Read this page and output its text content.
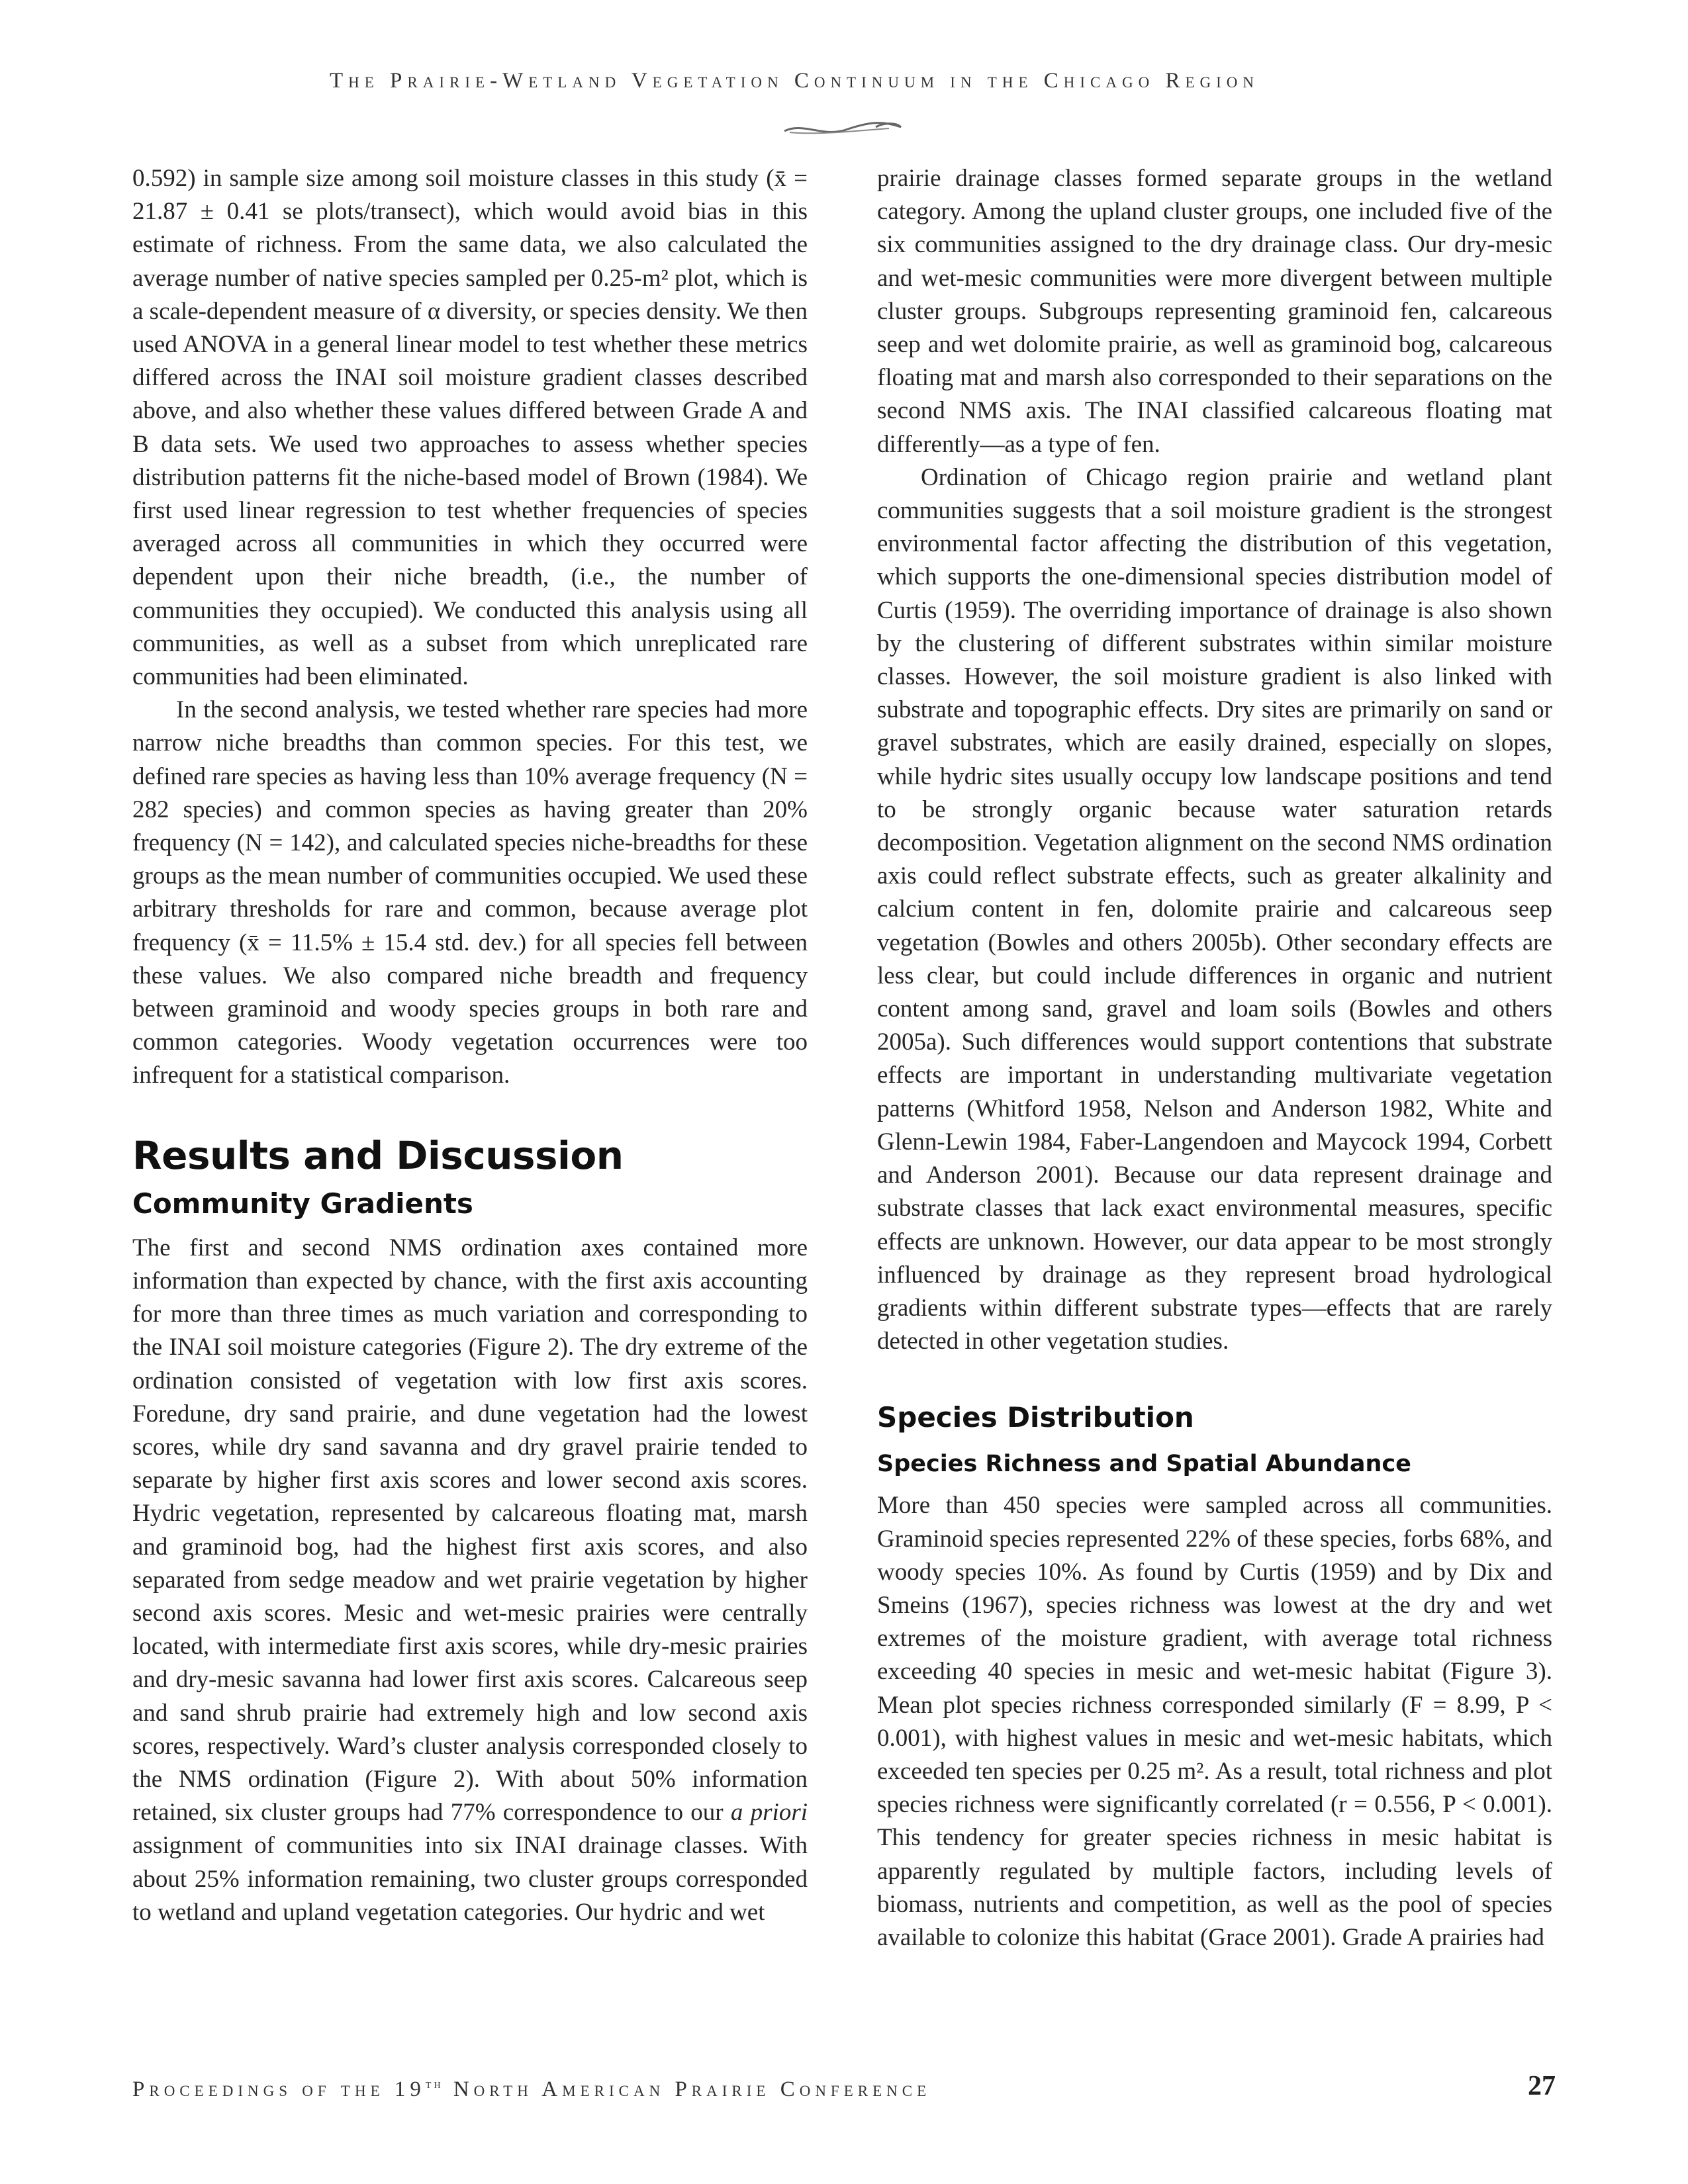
The Prairie-Wetland Vegetation Continuum in the Chicago Region

0.592) in sample size among soil moisture classes in this study (x̄ = 21.87 ± 0.41 se plots/transect), which would avoid bias in this estimate of richness. From the same data, we also calculated the average number of native species sampled per 0.25-m² plot, which is a scale-dependent measure of α diversity, or species density. We then used ANOVA in a general linear model to test whether these metrics differed across the INAI soil moisture gradient classes described above, and also whether these values differed between Grade A and B data sets. We used two approaches to assess whether species distribution patterns fit the niche-based model of Brown (1984). We first used linear regression to test whether frequencies of species averaged across all communities in which they occurred were dependent upon their niche breadth, (i.e., the number of communities they occupied). We conducted this analysis using all communities, as well as a subset from which unreplicated rare communities had been eliminated.

In the second analysis, we tested whether rare species had more narrow niche breadths than common species. For this test, we defined rare species as having less than 10% average frequency (N = 282 species) and common species as having greater than 20% frequency (N = 142), and calculated species niche-breadths for these groups as the mean number of communities occupied. We used these arbitrary thresholds for rare and common, because average plot frequency (x̄ = 11.5% ± 15.4 std. dev.) for all species fell between these values. We also compared niche breadth and frequency between graminoid and woody species groups in both rare and common categories. Woody vegetation occurrences were too infrequent for a statistical comparison.

Results and Discussion
Community Gradients

The first and second NMS ordination axes contained more information than expected by chance, with the first axis accounting for more than three times as much variation and corresponding to the INAI soil moisture categories (Figure 2). The dry extreme of the ordination consisted of vegetation with low first axis scores. Foredune, dry sand prairie, and dune vegetation had the lowest scores, while dry sand savanna and dry gravel prairie tended to separate by higher first axis scores and lower second axis scores. Hydric vegetation, represented by calcareous floating mat, marsh and graminoid bog, had the highest first axis scores, and also separated from sedge meadow and wet prairie vegetation by higher second axis scores. Mesic and wet-mesic prairies were centrally located, with intermediate first axis scores, while dry-mesic prairies and dry-mesic savanna had lower first axis scores. Calcareous seep and sand shrub prairie had extremely high and low second axis scores, respectively. Ward’s cluster analysis corresponded closely to the NMS ordination (Figure 2). With about 50% information retained, six cluster groups had 77% correspondence to our a priori assignment of communities into six INAI drainage classes. With about 25% information remaining, two cluster groups corresponded to wetland and upland vegetation categories. Our hydric and wet

prairie drainage classes formed separate groups in the wetland category. Among the upland cluster groups, one included five of the six communities assigned to the dry drainage class. Our dry-mesic and wet-mesic communities were more divergent between multiple cluster groups. Subgroups representing graminoid fen, calcareous seep and wet dolomite prairie, as well as graminoid bog, calcareous floating mat and marsh also corresponded to their separations on the second NMS axis. The INAI classified calcareous floating mat differently—as a type of fen.

Ordination of Chicago region prairie and wetland plant communities suggests that a soil moisture gradient is the strongest environmental factor affecting the distribution of this vegetation, which supports the one-dimensional species distribution model of Curtis (1959). The overriding importance of drainage is also shown by the clustering of different substrates within similar moisture classes. However, the soil moisture gradient is also linked with substrate and topographic effects. Dry sites are primarily on sand or gravel substrates, which are easily drained, especially on slopes, while hydric sites usually occupy low landscape positions and tend to be strongly organic because water saturation retards decomposition. Vegetation alignment on the second NMS ordination axis could reflect substrate effects, such as greater alkalinity and calcium content in fen, dolomite prairie and calcareous seep vegetation (Bowles and others 2005b). Other secondary effects are less clear, but could include differences in organic and nutrient content among sand, gravel and loam soils (Bowles and others 2005a). Such differences would support contentions that substrate effects are important in understanding multivariate vegetation patterns (Whitford 1958, Nelson and Anderson 1982, White and Glenn-Lewin 1984, Faber-Langendoen and Maycock 1994, Corbett and Anderson 2001). Because our data represent drainage and substrate classes that lack exact environmental measures, specific effects are unknown. However, our data appear to be most strongly influenced by drainage as they represent broad hydrological gradients within different substrate types—effects that are rarely detected in other vegetation studies.

Species Distribution
Species Richness and Spatial Abundance

More than 450 species were sampled across all communities. Graminoid species represented 22% of these species, forbs 68%, and woody species 10%. As found by Curtis (1959) and by Dix and Smeins (1967), species richness was lowest at the dry and wet extremes of the moisture gradient, with average total richness exceeding 40 species in mesic and wet-mesic habitat (Figure 3). Mean plot species richness corresponded similarly (F = 8.99, P < 0.001), with highest values in mesic and wet-mesic habitats, which exceeded ten species per 0.25 m². As a result, total richness and plot species richness were significantly correlated (r = 0.556, P < 0.001). This tendency for greater species richness in mesic habitat is apparently regulated by multiple factors, including levels of biomass, nutrients and competition, as well as the pool of species available to colonize this habitat (Grace 2001). Grade A prairies had

Proceedings of the 19th North American Prairie Conference	27
